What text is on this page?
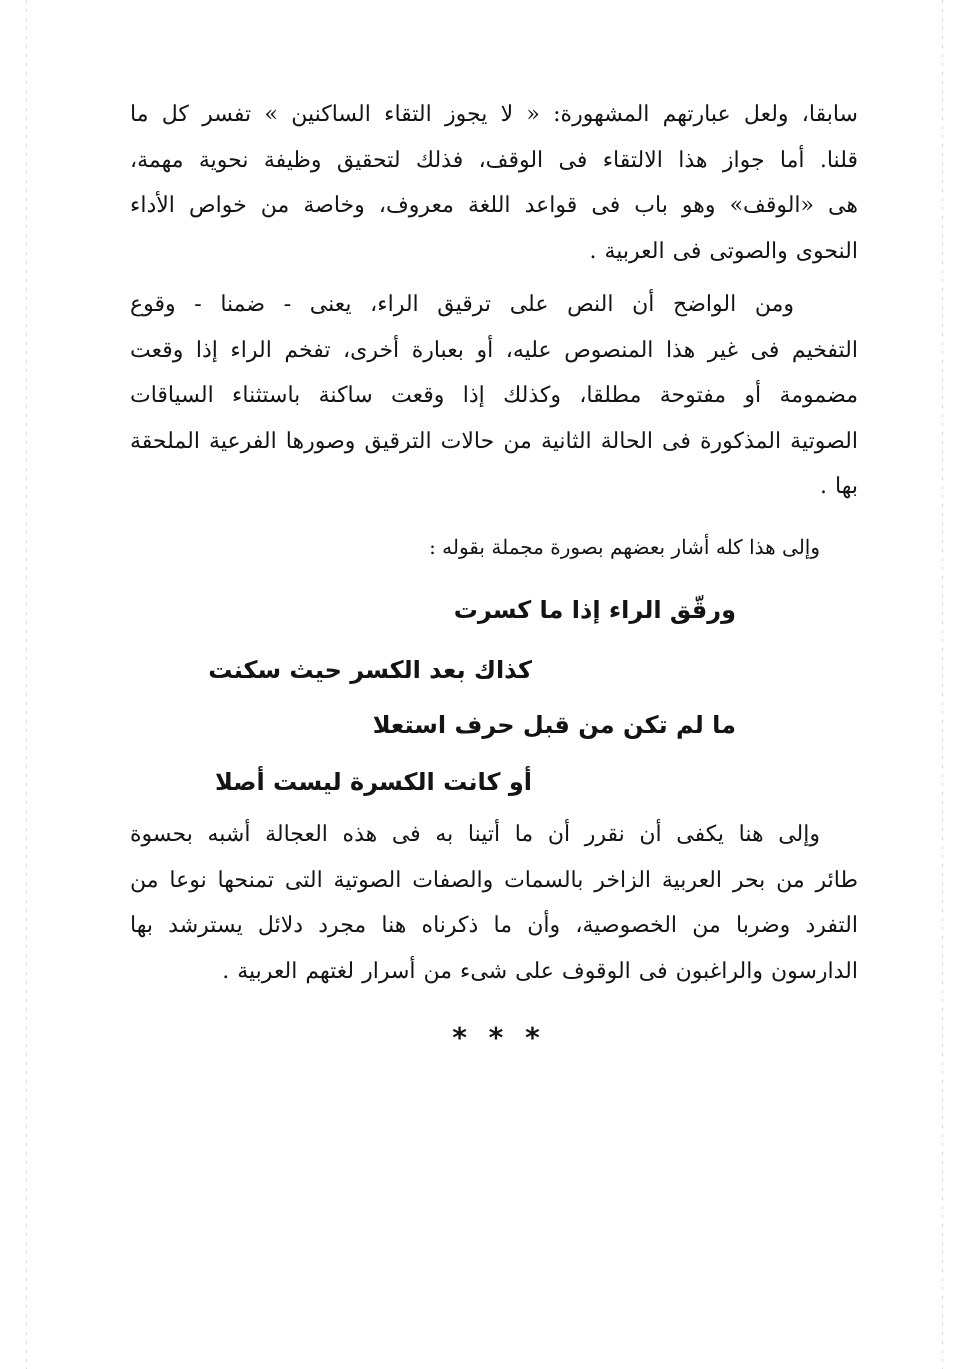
سابقا، ولعل عبارتهم المشهورة: « لا يجوز التقاء الساكنين » تفسر كل ما
قلنا. أما جواز هذا الالتقاء فى الوقف، فذلك لتحقيق وظيفة نحوية مهمة،
هى «الوقف» وهو باب فى قواعد اللغة معروف، وخاصة من خواص الأداء
النحوى والصوتى فى العربية .
ومن الواضح أن النص على ترقيق الراء، يعنى - ضمنا - وقوع
التفخيم فى غير هذا المنصوص عليه، أو بعبارة أخرى، تفخم الراء إذا وقعت
مضمومة أو مفتوحة مطلقا، وكذلك إذا وقعت ساكنة باستثناء السياقات
الصوتية المذكورة فى الحالة الثانية من حالات الترقيق وصورها الفرعية الملحقة
بها .
وإلى هذا كله أشار بعضهم بصورة مجملة بقوله :
ورقّق الراء إذا ما كسرت
كذاك بعد الكسر حيث سكنت
ما لم تكن من قبل حرف استعلا
أو كانت الكسرة ليست أصلا
وإلى هنا يكفى أن نقرر أن ما أتينا به فى هذه العجالة أشبه بحسوة
طائر من بحر العربية الزاخر بالسمات والصفات الصوتية التى تمنحها نوعا من
التفرد وضربا من الخصوصية، وأن ما ذكرناه هنا مجرد دلائل يسترشد بها
الدارسون والراغبون فى الوقوف على شىء من أسرار لغتهم العربية .
* * *
